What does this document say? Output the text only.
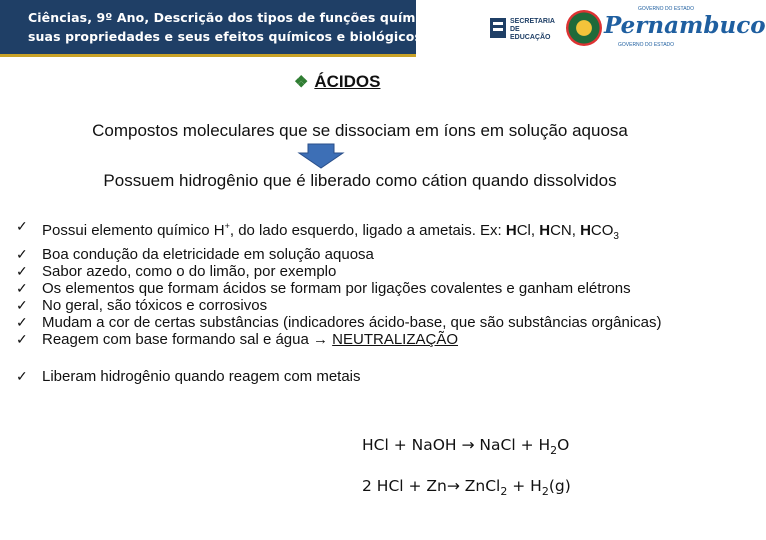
Ciências, 9º Ano, Descrição dos tipos de funções químicas,
suas propriedades e seus efeitos químicos e biológicos
SECRETARIA DE EDUCAÇÃO
GOVERNO DO ESTADO
Pernambuco
GOVERNO DO ESTADO
❖ ÁCIDOS
Compostos moleculares que se dissociam em íons em solução aquosa
Possuem hidrogênio que é liberado como cátion quando dissolvidos
✓ Possui elemento químico H+, do lado esquerdo, ligado a ametais. Ex: HCl, HCN, $HCO_3$
✓ Boa condução da eletricidade em solução aquosa
✓ Sabor azedo, como o do limão, por exemplo
✓ Os elementos que formam ácidos se formam por ligações covalentes e ganham elétrons
✓ No geral, são tóxicos e corrosivos
✓ Mudam a cor de certas substâncias (indicadores ácido-base, que são substâncias orgânicas)
✓ Reagem com base formando sal e água → NEUTRALIZAÇÃO
✓ Liberam hidrogênio quando reagem com metais
HCl + NaOH → NaCl + $H_2O$
2 HCl + Zn→ ZnCl$_2$ + $H_2(g)$
